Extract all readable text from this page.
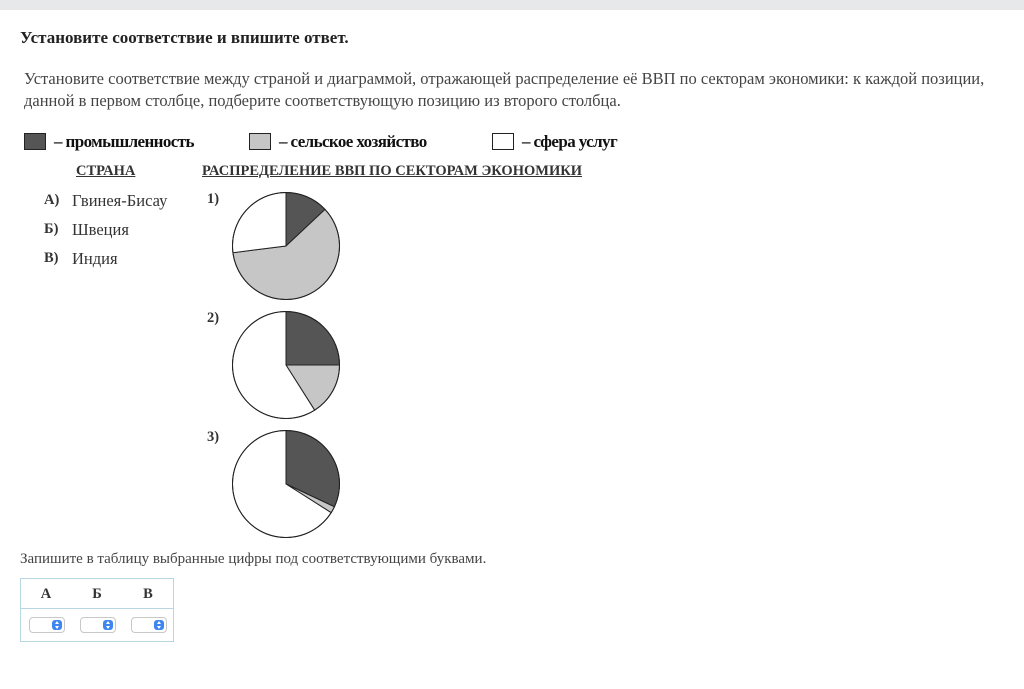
Установите соответствие и впишите ответ.
Установите соответствие между страной и диаграммой, отражающей распределение её ВВП по секторам экономики: к каждой позиции, данной в первом столбце, подберите соответствующую позицию из второго столбца.
– промышленность	– сельское хозяйство	– сфера услуг
СТРАНА	РАСПРЕДЕЛЕНИЕ ВВП ПО СЕКТОРАМ ЭКОНОМИКИ
А) Гвинея-Бисау
Б) Швеция
В) Индия
1)
2)
3)
Запишите в таблицу выбранные цифры под соответствующими буквами.
А	Б	В
